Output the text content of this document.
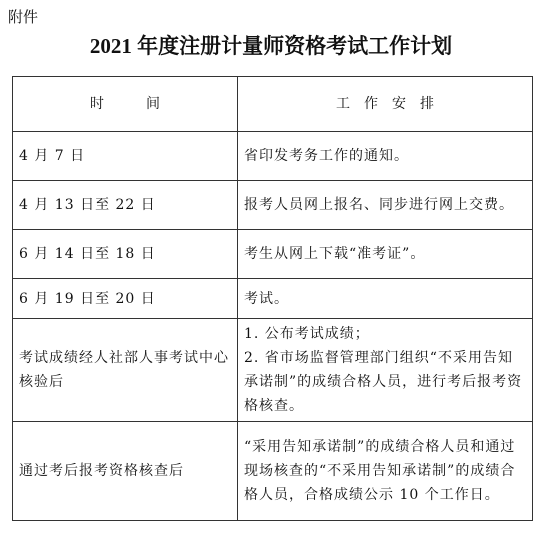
附件
2021 年度注册计量师资格考试工作计划
时　　　间	工　作　安　排
4 月 7 日	省印发考务工作的通知。

4 月 13 日至 22 日	报考人员网上报名、同步进行网上交费。

6 月 14 日至 18 日	考生从网上下载“准考证”。

6 月 19 日至 20 日	考试。

考试成绩经人社部人事考试中心核验后	1. 公布考试成绩；
2. 省市场监督管理部门组织“不采用告知承诺制”的成绩合格人员，进行考后报考资格核查。

通过考后报考资格核查后	“采用告知承诺制”的成绩合格人员和通过现场核查的“不采用告知承诺制”的成绩合格人员，合格成绩公示 10 个工作日。
